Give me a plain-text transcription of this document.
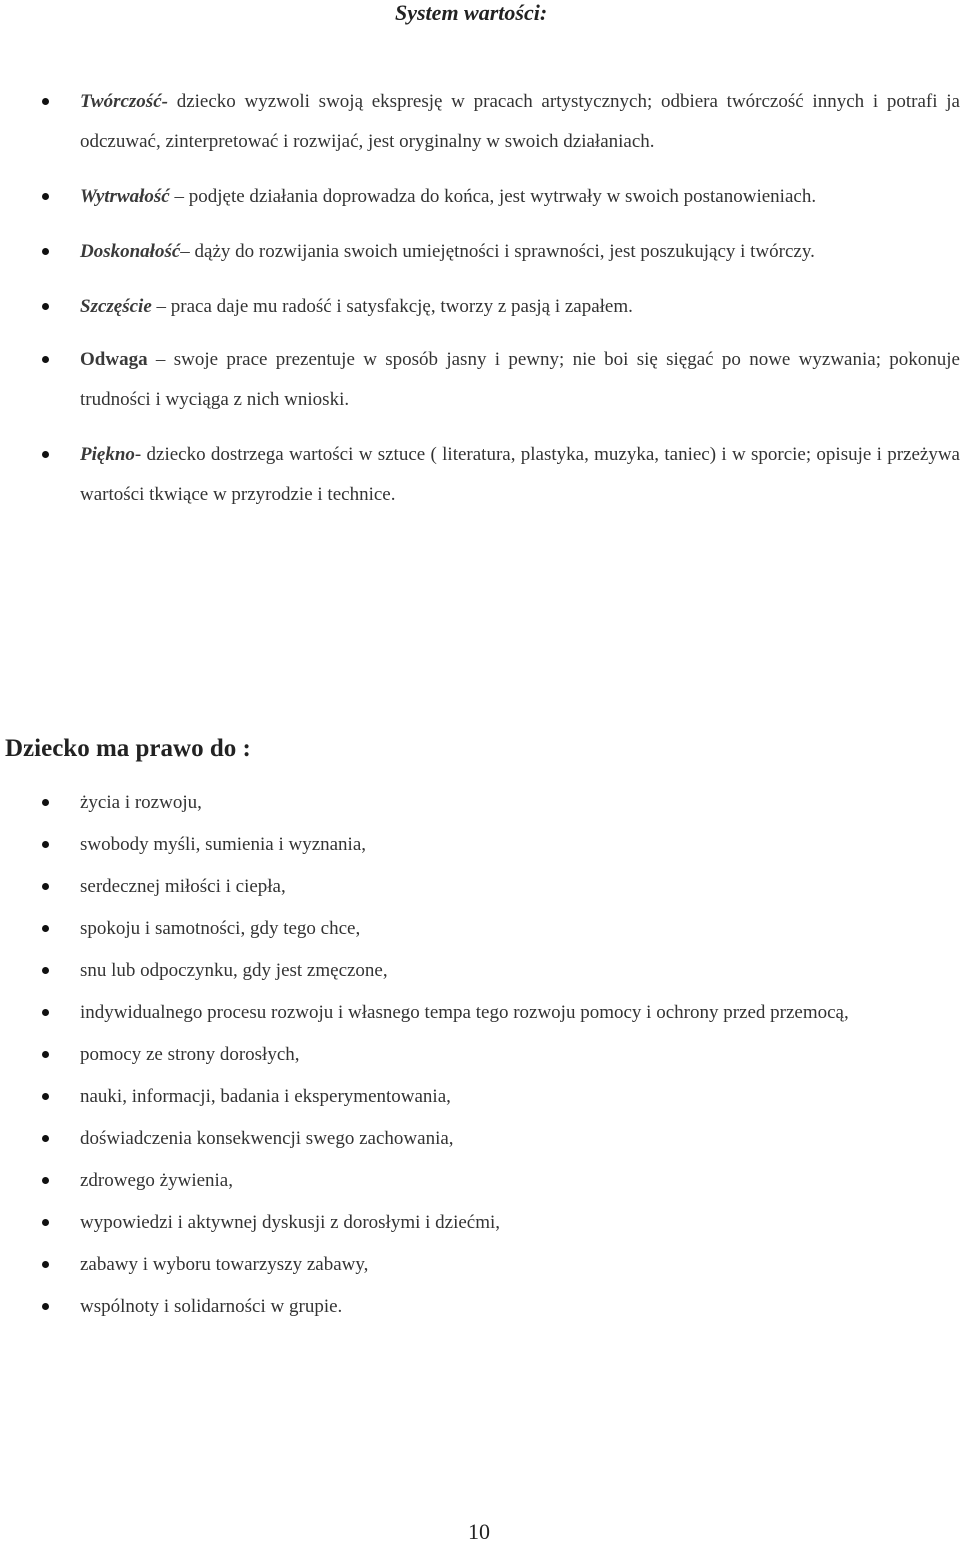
System wartości:
Twórczość- dziecko wyzwoli swoją ekspresję w pracach artystycznych; odbiera twórczość innych i potrafi ja odczuwać, zinterpretować i rozwijać, jest oryginalny w swoich działaniach.
Wytrwałość – podjęte działania doprowadza do końca, jest wytrwały w swoich postanowieniach.
Doskonałość– dąży do rozwijania swoich umiejętności i sprawności, jest poszukujący i twórczy.
Szczęście – praca daje mu radość i satysfakcję, tworzy z pasją i zapałem.
Odwaga – swoje prace prezentuje w sposób jasny i pewny; nie boi się sięgać po nowe wyzwania; pokonuje trudności i wyciąga z nich wnioski.
Piękno- dziecko dostrzega wartości w sztuce ( literatura, plastyka, muzyka, taniec) i w sporcie; opisuje i przeżywa wartości tkwiące w przyrodzie i technice.
Dziecko ma prawo do :
życia i rozwoju,
swobody myśli, sumienia i wyznania,
serdecznej miłości i ciepła,
spokoju i samotności, gdy tego chce,
snu lub odpoczynku, gdy jest zmęczone,
indywidualnego procesu rozwoju i własnego tempa tego rozwoju pomocy i ochrony przed przemocą,
pomocy ze strony dorosłych,
nauki, informacji, badania i eksperymentowania,
doświadczenia konsekwencji swego zachowania,
zdrowego żywienia,
wypowiedzi i aktywnej dyskusji z dorosłymi i dziećmi,
zabawy i wyboru towarzyszy zabawy,
wspólnoty i solidarności w grupie.
10
